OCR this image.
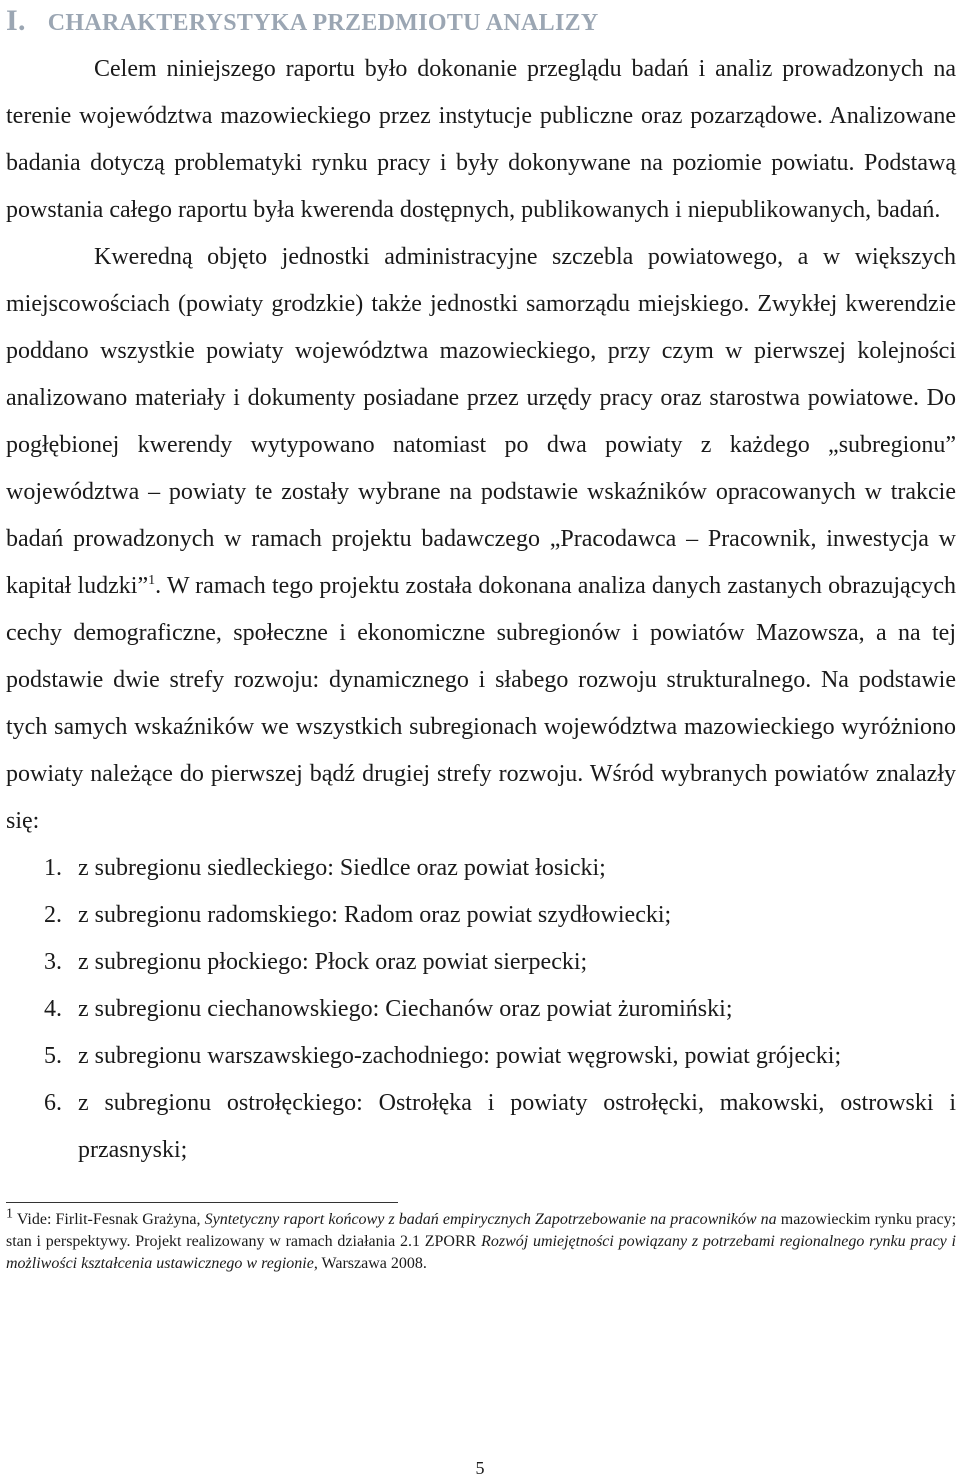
I. CHARAKTERYSTYKA PRZEDMIOTU ANALIZY

Celem niniejszego raportu było dokonanie przeglądu badań i analiz prowadzonych na terenie województwa mazowieckiego przez instytucje publiczne oraz pozarządowe. Analizowane badania dotyczą problematyki rynku pracy i były dokonywane na poziomie powiatu. Podstawą powstania całego raportu była kwerenda dostępnych, publikowanych i niepublikowanych, badań.

Kweredną objęto jednostki administracyjne szczebla powiatowego, a w większych miejscowościach (powiaty grodzkie) także jednostki samorządu miejskiego. Zwykłej kwerendzie poddano wszystkie powiaty województwa mazowieckiego, przy czym w pierwszej kolejności analizowano materiały i dokumenty posiadane przez urzędy pracy oraz starostwa powiatowe. Do pogłębionej kwerendy wytypowano natomiast po dwa powiaty z każdego „subregionu” województwa – powiaty te zostały wybrane na podstawie wskaźników opracowanych w trakcie badań prowadzonych w ramach projektu badawczego „Pracodawca – Pracownik, inwestycja w kapitał ludzki”$^1$. W ramach tego projektu została dokonana analiza danych zastanych obrazujących cechy demograficzne, społeczne i ekonomiczne subregionów i powiatów Mazowsza, a na tej podstawie dwie strefy rozwoju: dynamicznego i słabego rozwoju strukturalnego. Na podstawie tych samych wskaźników we wszystkich subregionach województwa mazowieckiego wyróżniono powiaty należące do pierwszej bądź drugiej strefy rozwoju. Wśród wybranych powiatów znalazły się:

1. z subregionu siedleckiego: Siedlce oraz powiat łosicki;
2. z subregionu radomskiego: Radom oraz powiat szydłowiecki;
3. z subregionu płockiego: Płock oraz powiat sierpecki;
4. z subregionu ciechanowskiego: Ciechanów oraz powiat żuromiński;
5. z subregionu warszawskiego-zachodniego: powiat węgrowski, powiat grójecki;
6. z subregionu ostrołęckiego: Ostrołęka i powiaty ostrołęcki, makowski, ostrowski i przasnyski;

1 Vide: Firlit-Fesnak Grażyna, Syntetyczny raport końcowy z badań empirycznych Zapotrzebowanie na pracowników na mazowieckim rynku pracy; stan i perspektywy. Projekt realizowany w ramach działania 2.1 ZPORR Rozwój umiejętności powiązany z potrzebami regionalnego rynku pracy i możliwości kształcenia ustawicznego w regionie, Warszawa 2008.

5
